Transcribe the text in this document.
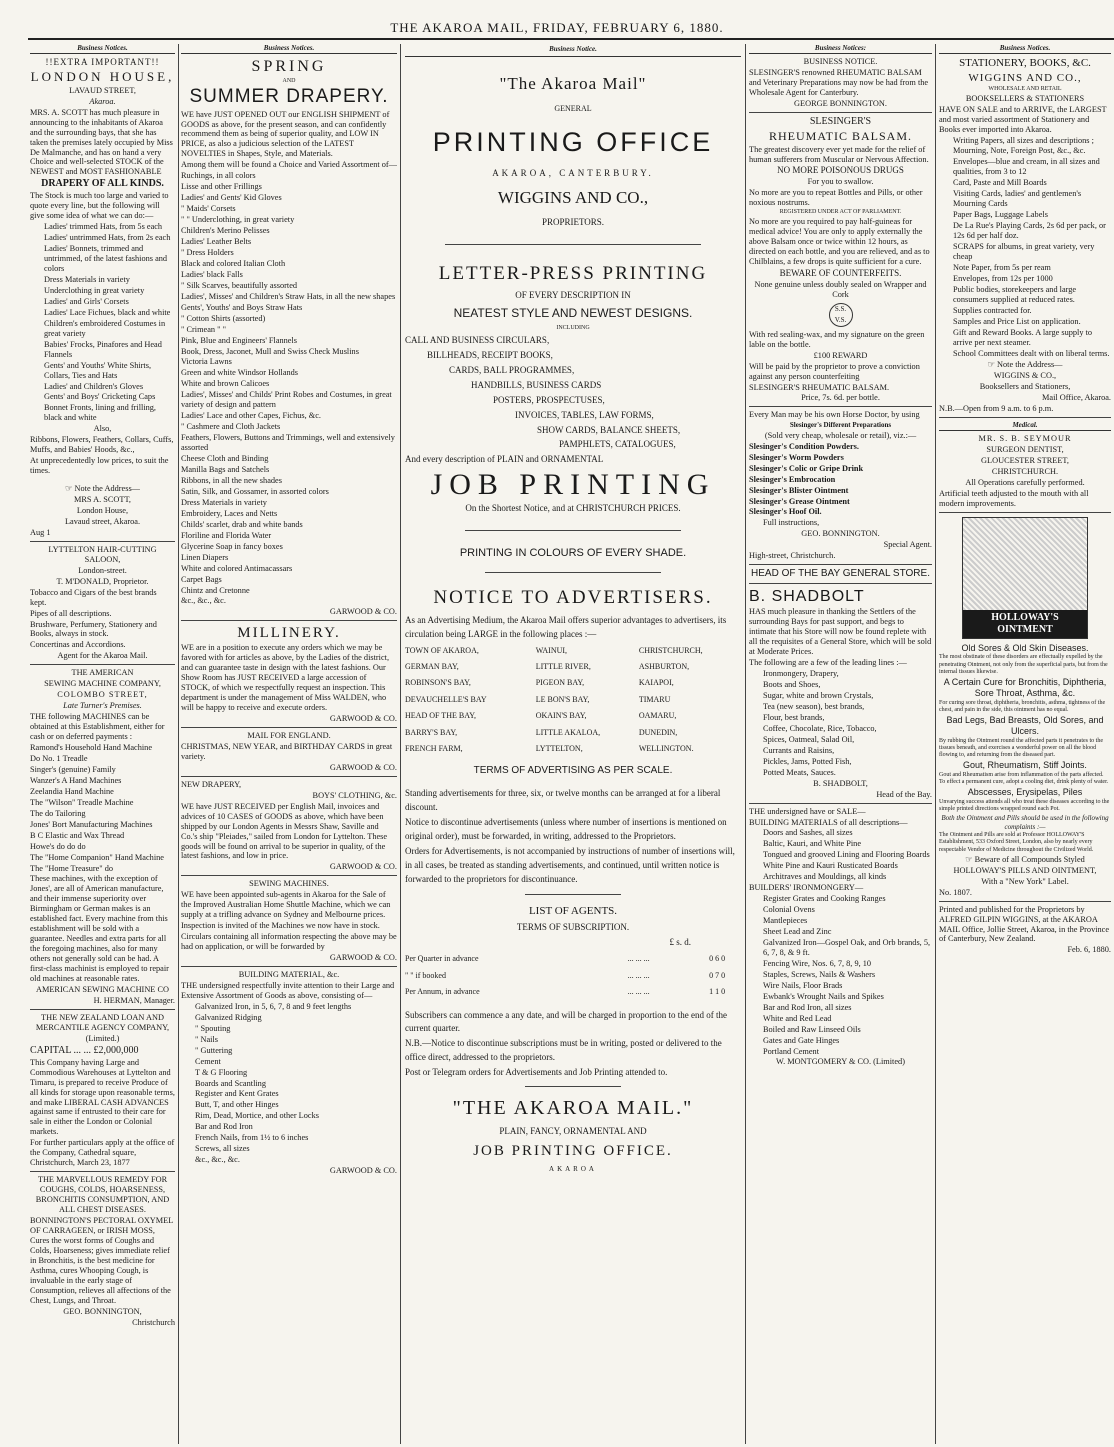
THE AKAROA MAIL, FRIDAY, FEBRUARY 6, 1880.
Business Notices.

!!EXTRA IMPORTANT!!

LONDON HOUSE,

LAVAUD STREET,

Akaroa.

MRS. A. SCOTT has much pleasure in announcing to the inhabitants of Akaroa and the surrounding bays, that she has taken the premises lately occupied by Miss De Malmanche, and has on hand a very Choice and well-selected STOCK of the NEWEST and MOST FASHIONABLE

DRAPERY OF ALL KINDS.

The Stock is much too large and varied to quote every line, but the following will give some idea of what we can do:—

Ladies' trimmed Hats, from 5s each

Ladies' untrimmed Hats, from 2s each

Ladies' Bonnets, trimmed and untrimmed, of the latest fashions and colors

Dress Materials in variety

Underclothing in great variety

Ladies' and Girls' Corsets

Ladies' Lace Fichues, black and white

Children's embroidered Costumes in great variety

Babies' Frocks, Pinafores and Head Flannels

Gents' and Youths' White Shirts, Collars, Ties and Hats

Ladies' and Children's Gloves

Gents' and Boys' Cricketing Caps

Bonnet Fronts, lining and frilling, black and white

Also,

Ribbons, Flowers, Feathers, Collars, Cuffs, Muffs, and Babies' Hoods, &c.,

At unprecedentedly low prices, to suit the times.

☞ Note the Address—

MRS A. SCOTT,

London House,

Lavaud street, Akaroa.

Aug 1

LYTTELTON HAIR-CUTTING SALOON,

London-street.

T. M'DONALD, Proprietor.

Tobacco and Cigars of the best brands kept.

Pipes of all descriptions.

Brushware, Perfumery, Stationery and Books, always in stock.

Concertinas and Accordions.

Agent for the Akaroa Mail.

THE AMERICAN

SEWING MACHINE COMPANY,

COLOMBO STREET,

Late Turner's Premises.

THE following MACHINES can be obtained at this Establishment, either for cash or on deferred payments :

Ramond's Household Hand Machine

Do No. 1 Treadle

Singer's (genuine) Family

Wanzer's A Hand Machines

Zeelandia Hand Machine

The "Wilson" Treadle Machine

The do Tailoring

Jones' Bort Manufacturing Machines

B C Elastic and Wax Thread

Howe's do do do

The "Home Companion" Hand Machine

The "Home Treasure" do

These machines, with the exception of Jones', are all of American manufacture, and their immense superiority over Birmingham or German makes is an established fact. Every machine from this establishment will be sold with a guarantee. Needles and extra parts for all the foregoing machines, also for many others not generally sold can be had. A first-class machinist is employed to repair old machines at reasonable rates.

AMERICAN SEWING MACHINE CO

H. HERMAN, Manager.

THE NEW ZEALAND LOAN AND MERCANTILE AGENCY COMPANY,

(Limited.)

CAPITAL ... ... £2,000,000

This Company having Large and Commodious Warehouses at Lyttelton and Timaru, is prepared to receive Produce of all kinds for storage upon reasonable terms, and make LIBERAL CASH ADVANCES against same if entrusted to their care for sale in either the London or Colonial markets.

For further particulars apply at the office of the Company, Cathedral square, Christchurch, March 23, 1877

THE MARVELLOUS REMEDY FOR COUGHS, COLDS, HOARSENESS, BRONCHITIS CONSUMPTION, AND ALL CHEST DISEASES.

BONNINGTON'S PECTORAL OXYMEL OF CARRAGEEN, or IRISH MOSS, Cures the worst forms of Coughs and Colds, Hoarseness; gives immediate relief in Bronchitis, is the best medicine for Asthma, cures Whooping Cough, is invaluable in the early stage of Consumption, relieves all affections of the Chest, Lungs, and Throat.

GEO. BONNINGTON,

Christchurch

Business Notices.

SPRING

AND

SUMMER DRAPERY.

WE have JUST OPENED OUT our ENGLISH SHIPMENT of GOODS as above, for the present season, and can confidently recommend them as being of superior quality, and LOW IN PRICE, as also a judicious selection of the LATEST NOVELTIES in Shapes, Style, and Materials.

Among them will be found a Choice and Varied Assortment of—

Ruchings, in all colors

Lisse and other Frillings

Ladies' and Gents' Kid Gloves

" Maids' Corsets

" " Underclothing, in great variety

Children's Merino Pelisses

Ladies' Leather Belts

" Dress Holders

Black and colored Italian Cloth

Ladies' black Falls

" Silk Scarves, beautifully assorted

Ladies', Misses' and Children's Straw Hats, in all the new shapes

Gents', Youths' and Boys Straw Hats

" Cotton Shirts (assorted)

" Crimean " "

Pink, Blue and Engineers' Flannels

Book, Dress, Jaconet, Mull and Swiss Check Muslins

Victoria Lawns

Green and white Windsor Hollands

White and brown Calicoes

Ladies', Misses' and Childs' Print Robes and Costumes, in great variety of design and pattern

Ladies' Lace and other Capes, Fichus, &c.

" Cashmere and Cloth Jackets

Feathers, Flowers, Buttons and Trimmings, well and extensively assorted

Cheese Cloth and Binding

Manilla Bags and Satchels

Ribbons, in all the new shades

Satin, Silk, and Gossamer, in assorted colors

Dress Materials in variety

Embroidery, Laces and Netts

Childs' scarlet, drab and white bands

Floriline and Florida Water

Glycerine Soap in fancy boxes

Linen Diapers

White and colored Antimacassars

Carpet Bags

Chintz and Cretonne

&c., &c., &c.

GARWOOD & CO.

MILLINERY.

WE are in a position to execute any orders which we may be favored with for articles as above, by the Ladies of the district, and can guarantee taste in design with the latest fashions. Our Show Room has JUST RECEIVED a large accession of STOCK, of which we respectfully request an inspection. This department is under the management of Miss WALDEN, who will be happy to receive and execute orders.

GARWOOD & CO.

MAIL FOR ENGLAND.

CHRISTMAS, NEW YEAR, and BIRTHDAY CARDS in great variety.

GARWOOD & CO.

NEW DRAPERY,

BOYS' CLOTHING, &c.

WE have JUST RECEIVED per English Mail, invoices and advices of 10 CASES of GOODS as above, which have been shipped by our London Agents in Messrs Shaw, Saville and Co.'s ship "Pleiades," sailed from London for Lyttelton. These goods will be found on arrival to be superior in quality, of the latest fashions, and low in price.

GARWOOD & CO.

SEWING MACHINES.

WE have been appointed sub-agents in Akaroa for the Sale of the Improved Australian Home Shuttle Machine, which we can supply at a trifling advance on Sydney and Melbourne prices.

Inspection is invited of the Machines we now have in stock.

Circulars containing all information respecting the above may be had on application, or will be forwarded by

GARWOOD & CO.

BUILDING MATERIAL, &c.

THE undersigned respectfully invite attention to their Large and Extensive Assortment of Goods as above, consisting of—

Galvanized Iron, in 5, 6, 7, 8 and 9 feet lengths

Galvanized Ridging

" Spouting

" Nails

" Guttering

Cement

T & G Flooring

Boards and Scantling

Register and Kent Grates

Butt, T, and other Hinges

Rim, Dead, Mortice, and other Locks

Bar and Rod Iron

French Nails, from 1½ to 6 inches

Screws, all sizes

&c., &c., &c.

GARWOOD & CO.

Business Notice.

"The Akaroa Mail"

GENERAL

PRINTING OFFICE

AKAROA, CANTERBURY.

WIGGINS AND CO.,

PROPRIETORS.

LETTER-PRESS PRINTING

OF EVERY DESCRIPTION IN

NEATEST STYLE AND NEWEST DESIGNS.

INCLUDING

CALL AND BUSINESS CIRCULARS,

BILLHEADS, RECEIPT BOOKS,

CARDS, BALL PROGRAMMES,

HANDBILLS, BUSINESS CARDS

POSTERS, PROSPECTUSES,

INVOICES, TABLES, LAW FORMS,

SHOW CARDS, BALANCE SHEETS,

PAMPHLETS, CATALOGUES,

And every description of PLAIN and ORNAMENTAL

JOB PRINTING

On the Shortest Notice, and at CHRISTCHURCH PRICES.

PRINTING IN COLOURS OF EVERY SHADE.

NOTICE TO ADVERTISERS.

As an Advertising Medium, the Akaroa Mail offers superior advantages to advertisers, its circulation being LARGE in the following places :—

TOWN OF AKAROA,	WAINUI,	CHRISTCHURCH,
GERMAN BAY,	LITTLE RIVER,	ASHBURTON,
ROBINSON'S BAY,	PIGEON BAY,	KAIAPOI,
DEVAUCHELLE'S BAY	LE BON'S BAY,	TIMARU
HEAD OF THE BAY,	OKAIN'S BAY,	OAMARU,
BARRY'S BAY,	LITTLE AKALOA,	DUNEDIN,
FRENCH FARM,	LYTTELTON,	WELLINGTON.

TERMS OF ADVERTISING AS PER SCALE.

Standing advertisements for three, six, or twelve months can be arranged at for a liberal discount.

Notice to discontinue advertisements (unless where number of insertions is mentioned on original order), must be forwarded, in writing, addressed to the Proprietors.

Orders for Advertisements, is not accompanied by instructions of number of insertions will, in all cases, be treated as standing advertisements, and continued, until written notice is forwarded to the proprietors for discontinuance.

LIST OF AGENTS.

TERMS OF SUBSCRIPTION.

£ s. d.

Per Quarter in advance	... ... ...	0 6 0
" " if booked	... ... ...	0 7 0
Per Annum, in advance	... ... ...	1 1 0

Subscribers can commence a any date, and will be charged in proportion to the end of the current quarter.

N.B.—Notice to discontinue subscriptions must be in writing, posted or delivered to the office direct, addressed to the proprietors.

Post or Telegram orders for Advertisements and Job Printing attended to.

"THE AKAROA MAIL."

PLAIN, FANCY, ORNAMENTAL AND

JOB PRINTING OFFICE.

AKAROA

Business Notices:

BUSINESS NOTICE.

SLESINGER'S renowned RHEUMATIC BALSAM and Veterinary Preparations may now be had from the Wholesale Agent for Canterbury.

GEORGE BONNINGTON.

SLESINGER'S

RHEUMATIC BALSAM.

The greatest discovery ever yet made for the relief of human sufferers from Muscular or Nervous Affection.

NO MORE POISONOUS DRUGS

For you to swallow.

No more are you to repeat Bottles and Pills, or other noxious nostrums.

REGISTERED UNDER ACT OF PARLIAMENT.

No more are you required to pay half-guineas for medical advice! You are only to apply externally the above Balsam once or twice within 12 hours, as directed on each bottle, and you are relieved, and as to Chilblains, a few drops is quite sufficient for a cure.

BEWARE OF COUNTERFEITS.

None genuine unless doubly sealed on Wrapper and Cork

S.S. V.S.

With red sealing-wax, and my signature on the green lable on the bottle.

£100 REWARD

Will be paid by the proprietor to prove a conviction against any person counterfeiting

SLESINGER'S RHEUMATIC BALSAM.

Price, 7s. 6d. per bottle.

Every Man may be his own Horse Doctor, by using

Slesinger's Different Preparations

(Sold very cheap, wholesale or retail), viz.:—

Slesinger's Condition Powders.

Slesinger's Worm Powders

Slesinger's Colic or Gripe Drink

Slesinger's Embrocation

Slesinger's Blister Ointment

Slesinger's Grease Ointment

Slesinger's Hoof Oil.

Full instructions,

GEO. BONNINGTON.

Special Agent.

High-street, Christchurch.

HEAD OF THE BAY GENERAL STORE.

B. SHADBOLT

HAS much pleasure in thanking the Settlers of the surrounding Bays for past support, and begs to intimate that his Store will now be found replete with all the requisites of a General Store, which will be sold at Moderate Prices.

The following are a few of the leading lines :—

Ironmongery, Drapery,

Boots and Shoes,

Sugar, white and brown Crystals,

Tea (new season), best brands,

Flour, best brands,

Coffee, Chocolate, Rice, Tobacco,

Spices, Oatmeal, Salad Oil,

Currants and Raisins,

Pickles, Jams, Potted Fish,

Potted Meats, Sauces.

B. SHADBOLT,

Head of the Bay.

THE undersigned have or SALE—

BUILDING MATERIALS of all descriptions—

Doors and Sashes, all sizes

Baltic, Kauri, and White Pine

Tongued and grooved Lining and Flooring Boards

White Pine and Kauri Rusticated Boards

Architraves and Mouldings, all kinds

BUILDERS' IRONMONGERY—

Register Grates and Cooking Ranges

Colonial Ovens

Mantlepieces

Sheet Lead and Zinc

Galvanized Iron—Gospel Oak, and Orb brands, 5, 6, 7, 8, & 9 ft.

Fencing Wire, Nos. 6, 7, 8, 9, 10

Staples, Screws, Nails & Washers

Wire Nails, Floor Brads

Ewbank's Wrought Nails and Spikes

Bar and Rod Iron, all sizes

White and Red Lead

Boiled and Raw Linseed Oils

Gates and Gate Hinges

Portland Cement

W. MONTGOMERY & CO. (Limited)

Business Notices.

STATIONERY, BOOKS, &C.

WIGGINS AND CO.,

WHOLESALE AND RETAIL

BOOKSELLERS & STATIONERS

HAVE ON SALE and to ARRIVE, the LARGEST and most varied assortment of Stationery and Books ever imported into Akaroa.

Writing Papers, all sizes and descriptions ; Mourning, Note, Foreign Post, &c., &c.

Envelopes—blue and cream, in all sizes and qualities, from 3 to 12

Card, Paste and Mill Boards

Visiting Cards, ladies' and gentlemen's

Mourning Cards

Paper Bags, Luggage Labels

De La Rue's Playing Cards, 2s 6d per pack, or 12s 6d per half doz.

SCRAPS for albums, in great variety, very cheap

Note Paper, from 5s per ream

Envelopes, from 12s per 1000

Public bodies, storekeepers and large consumers supplied at reduced rates.

Supplies contracted for.

Samples and Price List on application.

Gift and Reward Books. A large supply to arrive per next steamer.

School Committees dealt with on liberal terms.

☞ Note the Address—

WIGGINS & CO.,

Booksellers and Stationers,

Mail Office, Akaroa.

N.B.—Open from 9 a.m. to 6 p.m.

Medical.

MR. S. B. SEYMOUR

SURGEON DENTIST,

GLOUCESTER STREET,

CHRISTCHURCH.

All Operations carefully performed.

Artificial teeth adjusted to the mouth with all modern improvements.

HOLLOWAY'S OINTMENT

Old Sores & Old Skin Diseases.

The most obstinate of these disorders are effectually expelled by the penetrating Ointment, not only from the superficial parts, but from the internal tissues likewise.

A Certain Cure for Bronchitis, Diphtheria, Sore Throat, Asthma, &c.

For curing sore throat, diphtheria, bronchitis, asthma, tightness of the chest, and pain in the side, this ointment has no equal.

Bad Legs, Bad Breasts, Old Sores, and Ulcers.

By rubbing the Ointment round the affected parts it penetrates to the tissues beneath, and exercises a wonderful power on all the blood flowing to, and returning from the diseased part.

Gout, Rheumatism, Stiff Joints.

Gout and Rheumatism arise from inflammation of the parts affected. To effect a permanent cure, adopt a cooling diet, drink plenty of water.

Abscesses, Erysipelas, Piles

Unvarying success attends all who treat these diseases according to the simple printed directions wrapped round each Pot.

Both the Ointment and Pills should be used in the following complaints :—

The Ointment and Pills are sold at Professor HOLLOWAY'S Establishment, 533 Oxford Street, London, also by nearly every respectable Vendor of Medicine throughout the Civilized World.

☞ Beware of all Compounds Styled

HOLLOWAY'S PILLS AND OINTMENT,

With a "New York" Label.

No. 1807.

Printed and published for the Proprietors by ALFRED GILPIN WIGGINS, at the AKAROA MAIL Office, Jollie Street, Akaroa, in the Province of Canterbury, New Zealand.

Feb. 6, 1880.
